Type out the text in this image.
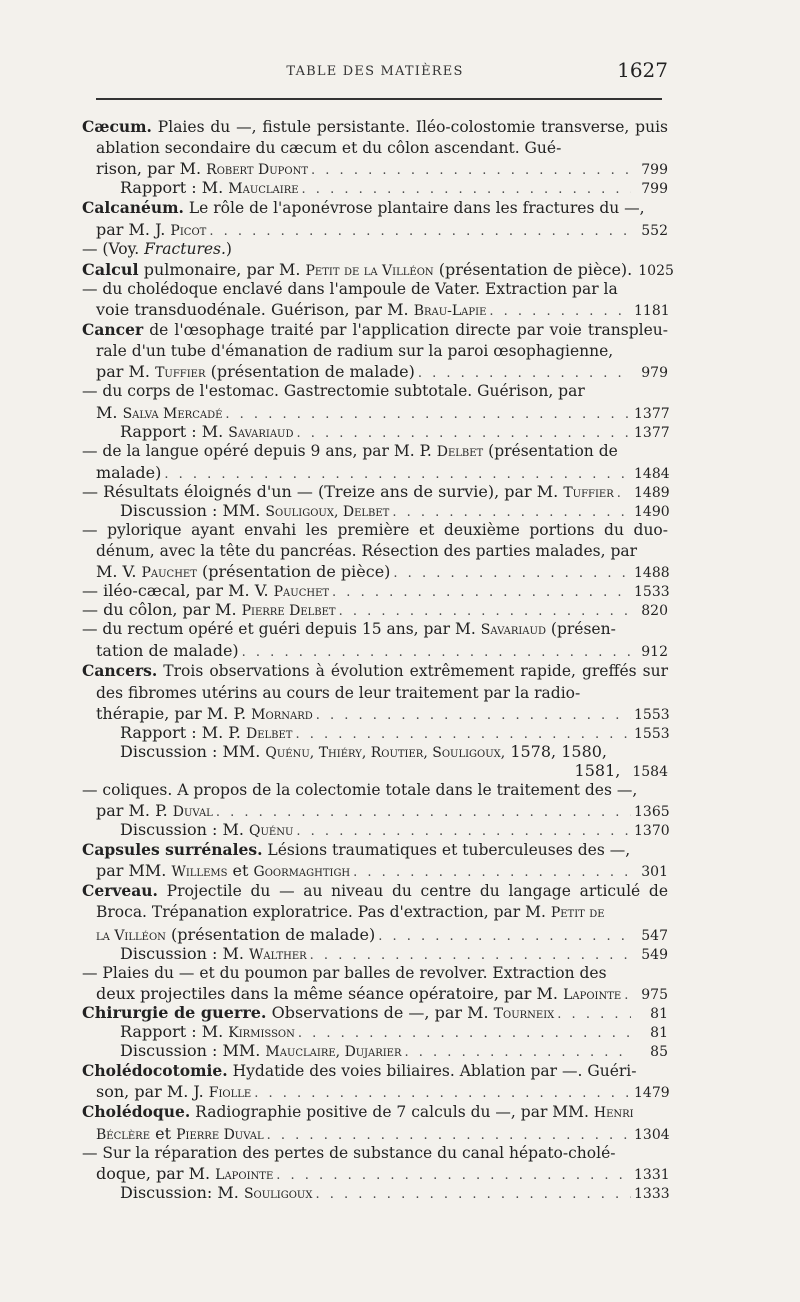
TABLE DES MATIÈRES	1627
Cæcum. Plaies du —, fistule persistante. Iléo-colostomie transverse, puis ablation secondaire du cæcum et du côlon ascendant. Gué-
rison, par M. Robert Dupont . . .	799
Rapport : M. Mauclaire . . .	799
Calcanéum. Le rôle de l'aponévrose plantaire dans les fractures du —,
par M. J. Picot . . .	552
— (Voy. Fractures.)
Calcul pulmonaire, par M. Petit de la Villéon (présentation de pièce). 1025
— du cholédoque enclavé dans l'ampoule de Vater. Extraction par la
voie transduodénale. Guérison, par M. Brau-Lapie . . .	1181
Cancer de l'œsophage traité par l'application directe par voie transpleu-rale d'un tube d'émanation de radium sur la paroi œsophagienne,
par M. Tuffier (présentation de malade) . . .	979
— du corps de l'estomac. Gastrectomie subtotale. Guérison, par
M. Salva Mercadé . . .	1377
Rapport : M. Savariaud . . .	1377
— de la langue opéré depuis 9 ans, par M. P. Delbet (présentation de
malade) . . .	1484
— Résultats éloignés d'un — (Treize ans de survie), par M. Tuffier . . . 1489
Discussion : MM. Souligoux, Delbet . . .	1490
— pylorique ayant envahi les première et deuxième portions du duo-dénum, avec la tête du pancréas. Résection des parties malades, par
M. V. Pauchet (présentation de pièce) . . .	1488
— iléo-cæcal, par M. V. Pauchet . . .	1533
— du côlon, par M. Pierre Delbet . . .	820
— du rectum opéré et guéri depuis 15 ans, par M. Savariaud (présen-
tation de malade) . . .	912
Cancers. Trois observations à évolution extrêmement rapide, greffés sur des fibromes utérins au cours de leur traitement par la radio-
thérapie, par M. P. Mornard . . .	1553
Rapport : M. P. Delbet . . .	1553
Discussion : MM. Quénu, Thiéry, Routier, Souligoux, 1578, 1580,
1581, 1584
— coliques. A propos de la colectomie totale dans le traitement des —,
par M. P. Duval . . .	1365
Discussion : M. Quénu . . .	1370
Capsules surrénales. Lésions traumatiques et tuberculeuses des —,
par MM. Willems et Goormaghtigh . . .	301
Cerveau. Projectile du — au niveau du centre du langage articulé de Broca. Trépanation exploratrice. Pas d'extraction, par M. Petit de
la Villéon (présentation de malade) . . .	547
Discussion : M. Walther . . .	549
— Plaies du — et du poumon par balles de revolver. Extraction des
deux projectiles dans la même séance opératoire, par M. Lapointe . . .	975
Chirurgie de guerre. Observations de —, par M. Tourneix . . .	81
Rapport : M. Kirmisson . . .	81
Discussion : MM. Mauclaire, Dujarier . . .	85
Cholédocotomie. Hydatide des voies biliaires. Ablation par —. Guéri-
son, par M. J. Fiolle . . .	1479
Cholédoque. Radiographie positive de 7 calculs du —, par MM. Henri
Béclère et Pierre Duval . . .	1304
— Sur la réparation des pertes de substance du canal hépato-cholé-
doque, par M. Lapointe . . .	1331
Discussion: M. Souligoux . . .	1333
